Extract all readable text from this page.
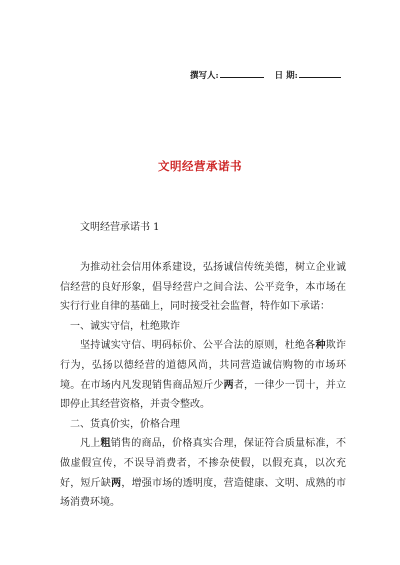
撰写人:	日 期:
文明经营承诺书
文明经营承诺书 1

为推动社会信用体系建设，弘扬诚信传统美德，树立企业诚信经营的良好形象，倡导经营户之间合法、公平竞争，本市场在实行行业自律的基础上，同时接受社会监督，特作如下承诺：

一、诚实守信，杜绝欺诈

坚持诚实守信、明码标价、公平合法的原则，杜绝各种欺诈行为，弘扬以德经营的道德风尚，共同营造诚信购物的市场环境。在市场内凡发现销售商品短斤少两者，一律少一罚十，并立即停止其经营资格，并责令整改。

二、货真价实，价格合理

凡上粗销售的商品，价格真实合理，保证符合质量标准，不做虚假宣传，不误导消费者，不掺杂使假，以假充真，以次充好，短斤缺两，增强市场的透明度，营造健康、文明、成熟的市场消费环境。
